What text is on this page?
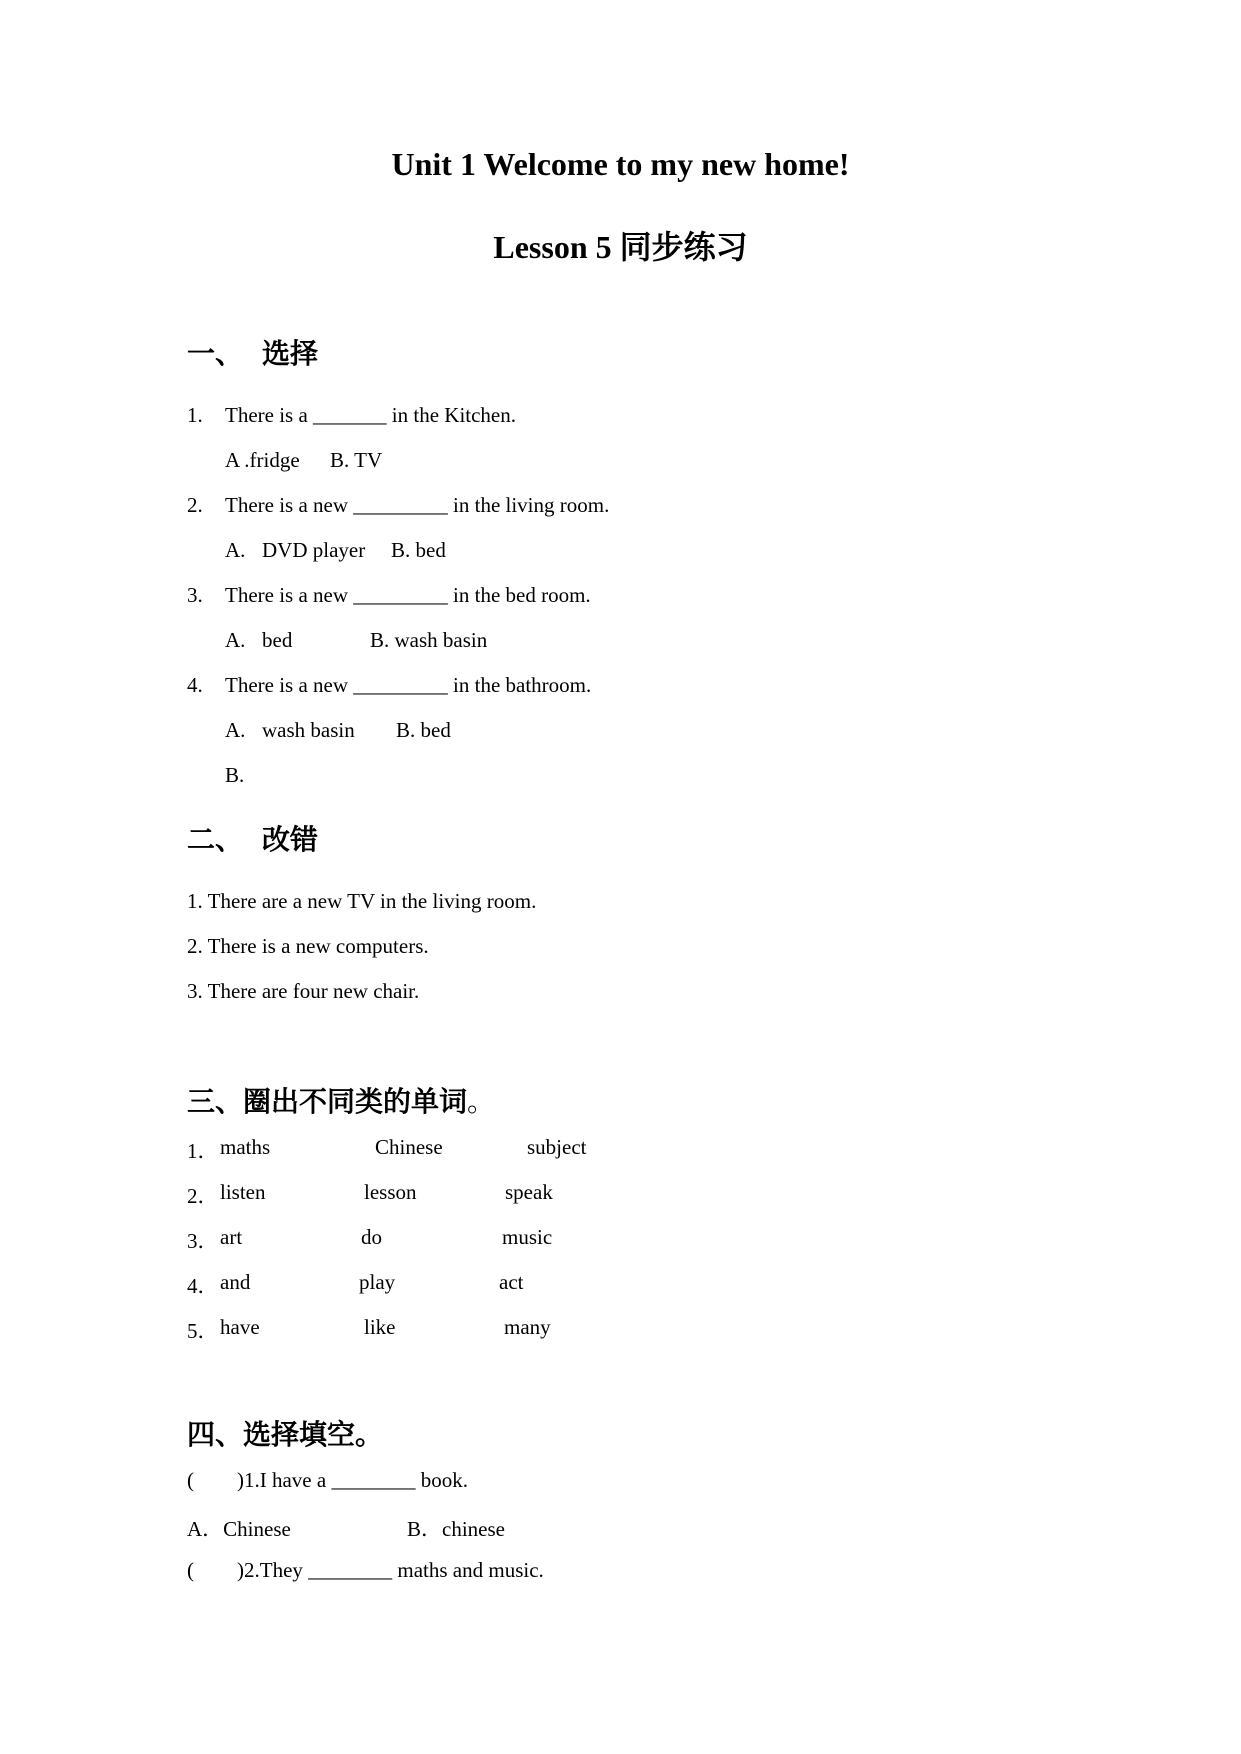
Unit 1 Welcome to my new home!
Lesson 5 同步练习
一、 选择
1. There is a _______ in the Kitchen.
A .fridge B. TV
2. There is a new _________ in the living room.
A. DVD player B. bed
3. There is a new _________ in the bed room.
A. bed	B. wash basin
4. There is a new _________ in the bathroom.
A. wash basin B. bed
B.
二、 改错
1. There are a new TV in the living room.
2. There is a new computers.
3. There are four new chair.
三、圈出不同类的单词。
1． maths	Chinese	subject
2． listen	lesson	speak
3． art	do	music
4． and	play	act
5． have	like	many
四、选择填空。
( )1.I have a ________ book.
A．Chinese	B．chinese
( )2.They ________ maths and music.
